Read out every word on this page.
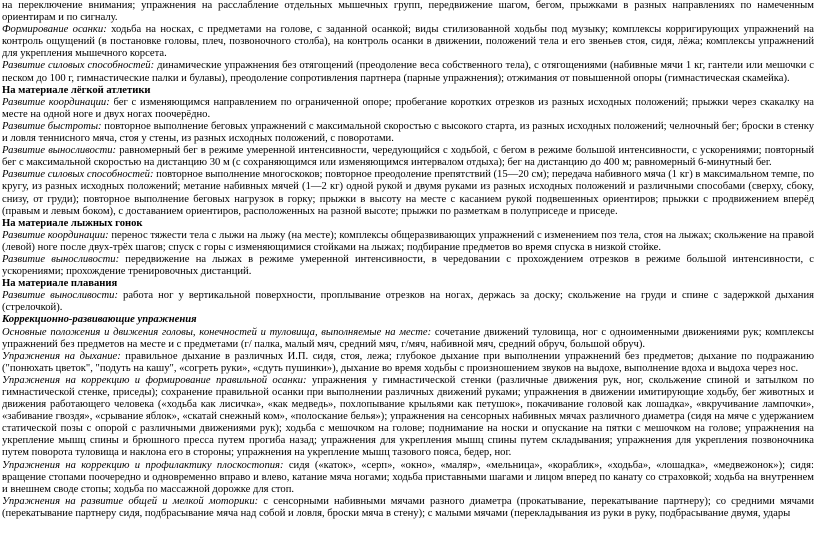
на переключение внимания; упражнения на расслабление отдельных мышечных групп, передвижение шагом, бегом, прыжками в разных направлениях по намеченным ориентирам и по сигналу.

Формирование осанки: ходьба на носках, с предметами на голове, с заданной осанкой; виды стилизованной ходьбы под музыку; комплексы корригирующих упражнений на контроль ощущений (в постановке головы, плеч, позвоночного столба), на контроль осанки в движении, положений тела и его звеньев стоя, сидя, лёжа; комплексы упражнений для укрепления мышечного корсета.

Развитие силовых способностей: динамические упражнения без отягощений (преодоление веса собственного тела), с отягощениями (набивные мячи 1 кг, гантели или мешочки с песком до 100 г, гимнастические палки и булавы), преодоление сопротивления партнера (парные упражнения); отжимания от повышенной опоры (гимнастическая скамейка).

На материале лёгкой атлетики

Развитие координации: бег с изменяющимся направлением по ограниченной опоре; пробегание коротких отрезков из разных исходных положений; прыжки через скакалку на месте на одной ноге и двух ногах поочерёдно.

Развитие быстроты: повторное выполнение беговых упражнений с максимальной скоростью с высокого старта, из разных исходных положений; челночный бег; броски в стенку и ловля теннисного мяча, стоя у стены, из разных исходных положений, с поворотами.

Развитие выносливости: равномерный бег в режиме умеренной интенсивности, чередующийся с ходьбой, с бегом в режиме большой интенсивности, с ускорениями; повторный бег с максимальной скоростью на дистанцию 30 м (с сохраняющимся или изменяющимся интервалом отдыха); бег на дистанцию до 400 м; равномерный 6-минутный бег.

Развитие силовых способностей: повторное выполнение многоскоков; повторное преодоление препятствий (15—20 см); передача набивного мяча (1 кг) в максимальном темпе, по кругу, из разных исходных положений; метание набивных мячей (1—2 кг) одной рукой и двумя руками из разных исходных положений и различными способами (сверху, сбоку, снизу, от груди); повторное выполнение беговых нагрузок в горку; прыжки в высоту на месте с касанием рукой подвешенных ориентиров; прыжки с продвижением вперёд (правым и левым боком), с доставанием ориентиров, расположенных на разной высоте; прыжки по разметкам в полуприседе и приседе.

На материале лыжных гонок

Развитие координации: перенос тяжести тела с лыжи на лыжу (на месте); комплексы общеразвивающих упражнений с изменением поз тела, стоя на лыжах; скольжение на правой (левой) ноге после двух-трёх шагов; спуск с горы с изменяющимися стойками на лыжах; подбирание предметов во время спуска в низкой стойке.

Развитие выносливости: передвижение на лыжах в режиме умеренной интенсивности, в чередовании с прохождением отрезков в режиме большой интенсивности, с ускорениями; прохождение тренировочных дистанций.

На материале плавания

Развитие выносливости: работа ног у вертикальной поверхности, проплывание отрезков на ногах, держась за доску; скольжение на груди и спине с задержкой дыхания (стрелочкой).

Коррекционно-развивающие упражнения

Основные положения и движения головы, конечностей и туловища, выполняемые на месте: сочетание движений туловища, ног с одноименными движениями рук; комплексы упражнений без предметов на месте и с предметами (г/ палка, малый мяч, средний мяч, г/мяч, набивной мяч, средний обруч, большой обруч).

Упражнения на дыхание: правильное дыхание в различных И.П. сидя, стоя, лежа; глубокое дыхание при выполнении упражнений без предметов; дыхание по подражанию ("понюхать цветок", "подуть на кашу", «согреть руки», «сдуть пушинки»), дыхание во время ходьбы с произношением звуков на выдохе, выполнение вдоха и выдоха через нос.

Упражнения на коррекцию и формирование правильной осанки: упражнения у гимнастической стенки (различные движения рук, ног, скольжение спиной и затылком по гимнастической стенке, приседы); сохранение правильной осанки при выполнении различных движений руками; упражнения в движении имитирующие ходьбу, бег животных и движения работающего человека («ходьба как лисичка», «как медведь», похлопывание крыльями как петушок», покачивание головой как лошадка», «вкручивание лампочки», «забивание гвоздя», «срывание яблок», «скатай снежный ком», «полоскание белья»); упражнения на сенсорных набивных мячах различного диаметра (сидя на мяче с удержанием статической позы с опорой с различными движениями рук); ходьба с мешочком на голове; поднимание на носки и опускание на пятки с мешочком на голове; упражнения на укрепление мышц спины и брюшного пресса путем прогиба назад; упражнения для укрепления мышц спины путем складывания; упражнения для укрепления позвоночника путем поворота туловища и наклона его в стороны; упражнения на укрепление мышц тазового пояса, бедер, ног.

Упражнения на коррекцию и профилактику плоскостопия: сидя («каток», «серп», «окно», «маляр», «мельница», «кораблик», «ходьба», «лошадка», «медвежонок»); сидя: вращение стопами поочередно и одновременно вправо и влево, катание мяча ногами; ходьба приставными шагами и лицом вперед по канату со страховкой; ходьба на внутреннем и внешнем своде стопы; ходьба по массажной дорожке для стоп.

Упражнения на развитие общей и мелкой моторики: с сенсорными набивными мячами разного диаметра (прокатывание, перекатывание партнеру); со средними мячами (перекатывание партнеру сидя, подбрасывание мяча над собой и ловля, броски мяча в стену); с малыми мячами (перекладывания из руки в руку, подбрасывание двумя, удары
